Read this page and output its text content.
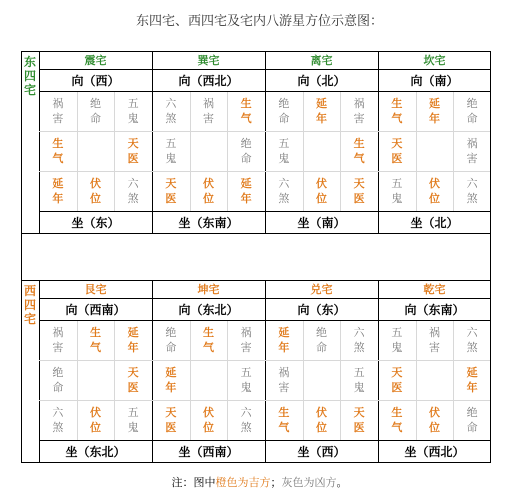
东四宅、西四宅及宅内八游星方位示意图：
东四宅
震宅
向（西）
祸害
绝命
五鬼
生气
天医
延年
伏位
六煞
坐（东）
巽宅
向（西北）
六煞
祸害
生气
五鬼
绝命
天医
伏位
延年
坐（东南）
离宅
向（北）
绝命
延年
祸害
五鬼
生气
六煞
伏位
天医
坐（南）
坎宅
向（南）
生气
延年
绝命
天医
祸害
五鬼
伏位
六煞
坐（北）
西四宅
艮宅
向（西南）
祸害
生气
延年
绝命
天医
六煞
伏位
五鬼
坐（东北）
坤宅
向（东北）
绝命
生气
祸害
延年
五鬼
天医
伏位
六煞
坐（西南）
兑宅
向（东）
延年
绝命
六煞
祸害
五鬼
生气
伏位
天医
坐（西）
乾宅
向（东南）
五鬼
祸害
六煞
天医
延年
生气
伏位
绝命
坐（西北）
注：图中橙色为吉方；灰色为凶方。
